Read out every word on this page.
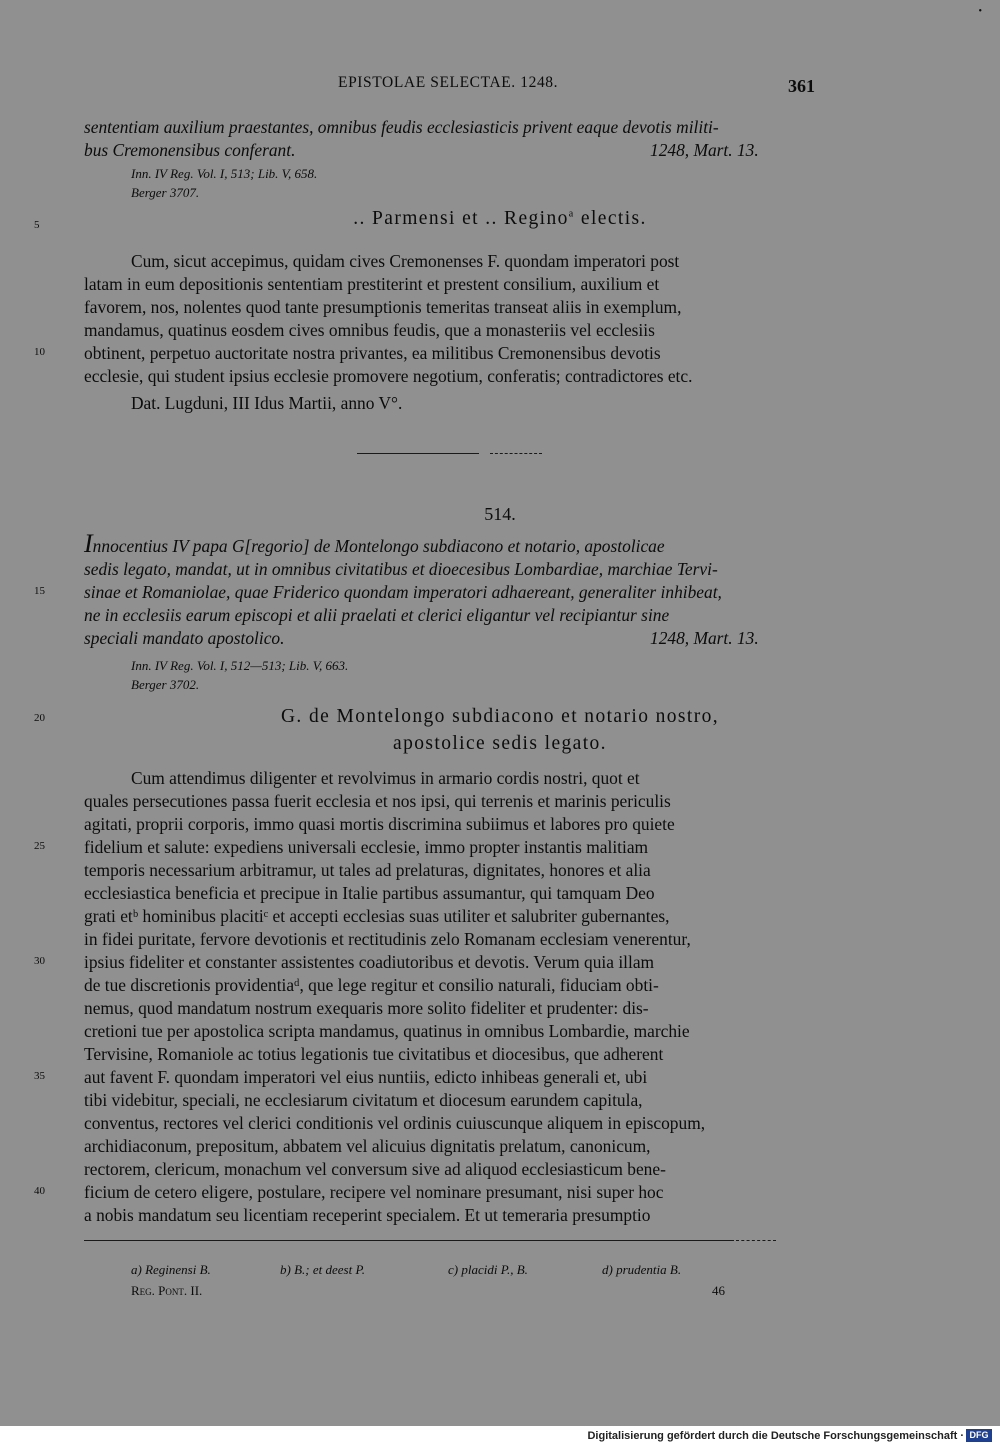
•
EPISTOLAE SELECTAE. 1248.	361
sententiam auxilium praestantes, omnibus feudis ecclesiasticis privent eaque devotis militi-
bus Cremonensibus conferant.	1248, Mart. 13.
Inn. IV Reg. Vol. I, 513; Lib. V, 658.
Berger 3707.
5	.. Parmensi et .. Regino$^a$ electis.
Cum, sicut accepimus, quidam cives Cremonenses F. quondam imperatori post
latam in eum depositionis sententiam prestiterint et prestent consilium, auxilium et
favorem, nos, nolentes quod tante presumptionis temeritas transeat aliis in exemplum,
mandamus, quatinus eosdem cives omnibus feudis, que a monasteriis vel ecclesiis
10 obtinent, perpetuo auctoritate nostra privantes, ea militibus Cremonensibus devotis
ecclesie, qui student ipsius ecclesie promovere negotium, conferatis; contradictores etc.
Dat. Lugduni, III Idus Martii, anno V°.
514.
Innocentius IV papa G[regorio] de Montelongo subdiacono et notario, apostolicae
sedis legato, mandat, ut in omnibus civitatibus et dioecesibus Lombardiae, marchiae Tervi-
15 sinae et Romaniolae, quae Friderico quondam imperatori adhaereant, generaliter inhibeat,
ne in ecclesiis earum episcopi et alii praelati et clerici eligantur vel recipiantur sine
speciali mandato apostolico.	1248, Mart. 13.
Inn. IV Reg. Vol. I, 512—513; Lib. V, 663.
Berger 3702.
20	G. de Montelongo subdiacono et notario nostro,
apostolice sedis legato.
Cum attendimus diligenter et revolvimus in armario cordis nostri, quot et
quales persecutiones passa fuerit ecclesia et nos ipsi, qui terrenis et marinis periculis
agitati, proprii corporis, immo quasi mortis discrimina subiimus et labores pro quiete
25 fidelium et salute: expediens universali ecclesie, immo propter instantis malitiam
temporis necessarium arbitramur, ut tales ad prelaturas, dignitates, honores et alia
ecclesiastica beneficia et precipue in Italie partibus assumantur, qui tamquam Deo
grati etᵇ hominibus placitiᶜ et accepti ecclesias suas utiliter et salubriter gubernantes,
in fidei puritate, fervore devotionis et rectitudinis zelo Romanam ecclesiam venerentur,
30 ipsius fideliter et constanter assistentes coadiutoribus et devotis. Verum quia illam
de tue discretionis providentiaᵈ, que lege regitur et consilio naturali, fiduciam obti-
nemus, quod mandatum nostrum exequaris more solito fideliter et prudenter: dis-
cretioni tue per apostolica scripta mandamus, quatinus in omnibus Lombardie, marchie
Tervisine, Romaniole ac totius legationis tue civitatibus et diocesibus, que adherent
35 aut favent F. quondam imperatori vel eius nuntiis, edicto inhibeas generali et, ubi
tibi videbitur, speciali, ne ecclesiarum civitatum et diocesum earundem capitula,
conventus, rectores vel clerici conditionis vel ordinis cuiuscunque aliquem in episcopum,
archidiaconum, prepositum, abbatem vel alicuius dignitatis prelatum, canonicum,
rectorem, clericum, monachum vel conversum sive ad aliquod ecclesiasticum bene-
40 ficium de cetero eligere, postulare, recipere vel nominare presumant, nisi super hoc
a nobis mandatum seu licentiam receperint specialem. Et ut temeraria presumptio
a) Reginensi B.	b) B.; et deest P.	c) placidi P., B.	d) prudentia B.
Reg. Pont. II.	46
Digitalisierung gefördert durch die Deutsche Forschungsgemeinschaft · DFG
